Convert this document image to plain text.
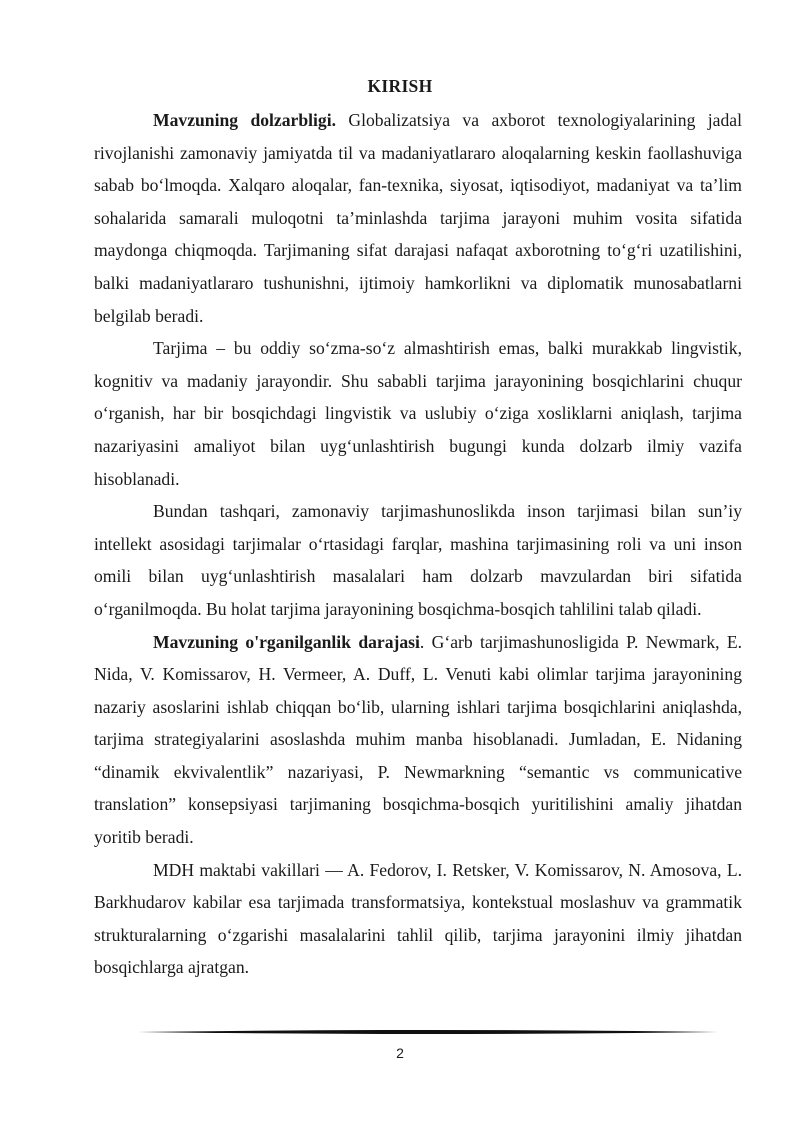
KIRISH

Mavzuning dolzarbligi. Globalizatsiya va axborot texnologiyalarining jadal rivojlanishi zamonaviy jamiyatda til va madaniyatlararo aloqalarning keskin faollashuviga sabab bo‘lmoqda. Xalqaro aloqalar, fan-texnika, siyosat, iqtisodiyot, madaniyat va ta’lim sohalarida samarali muloqotni ta’minlashda tarjima jarayoni muhim vosita sifatida maydonga chiqmoqda. Tarjimaning sifat darajasi nafaqat axborotning to‘g‘ri uzatilishini, balki madaniyatlararo tushunishni, ijtimoiy hamkorlikni va diplomatik munosabatlarni belgilab beradi.

Tarjima – bu oddiy so‘zma-so‘z almashtirish emas, balki murakkab lingvistik, kognitiv va madaniy jarayondir. Shu sababli tarjima jarayonining bosqichlarini chuqur o‘rganish, har bir bosqichdagi lingvistik va uslubiy o‘ziga xosliklarni aniqlash, tarjima nazariyasini amaliyot bilan uyg‘unlashtirish bugungi kunda dolzarb ilmiy vazifa hisoblanadi.

Bundan tashqari, zamonaviy tarjimashunoslikda inson tarjimasi bilan sun’iy intellekt asosidagi tarjimalar o‘rtasidagi farqlar, mashina tarjimasining roli va uni inson omili bilan uyg‘unlashtirish masalalari ham dolzarb mavzulardan biri sifatida o‘rganilmoqda. Bu holat tarjima jarayonining bosqichma-bosqich tahlilini talab qiladi.

Mavzuning o'rganilganlik darajasi. G‘arb tarjimashunosligida P. Newmark, E. Nida, V. Komissarov, H. Vermeer, A. Duff, L. Venuti kabi olimlar tarjima jarayonining nazariy asoslarini ishlab chiqqan bo‘lib, ularning ishlari tarjima bosqichlarini aniqlashda, tarjima strategiyalarini asoslashda muhim manba hisoblanadi. Jumladan, E. Nidaning “dinamik ekvivalentlik” nazariyasi, P. Newmarkning “semantic vs communicative translation” konsepsiyasi tarjimaning bosqichma-bosqich yuritilishini amaliy jihatdan yoritib beradi.

MDH maktabi vakillari — A. Fedorov, I. Retsker, V. Komissarov, N. Amosova, L. Barkhudarov kabilar esa tarjimada transformatsiya, kontekstual moslashuv va grammatik strukturalarning o‘zgarishi masalalarini tahlil qilib, tarjima jarayonini ilmiy jihatdan bosqichlarga ajratgan.

2
